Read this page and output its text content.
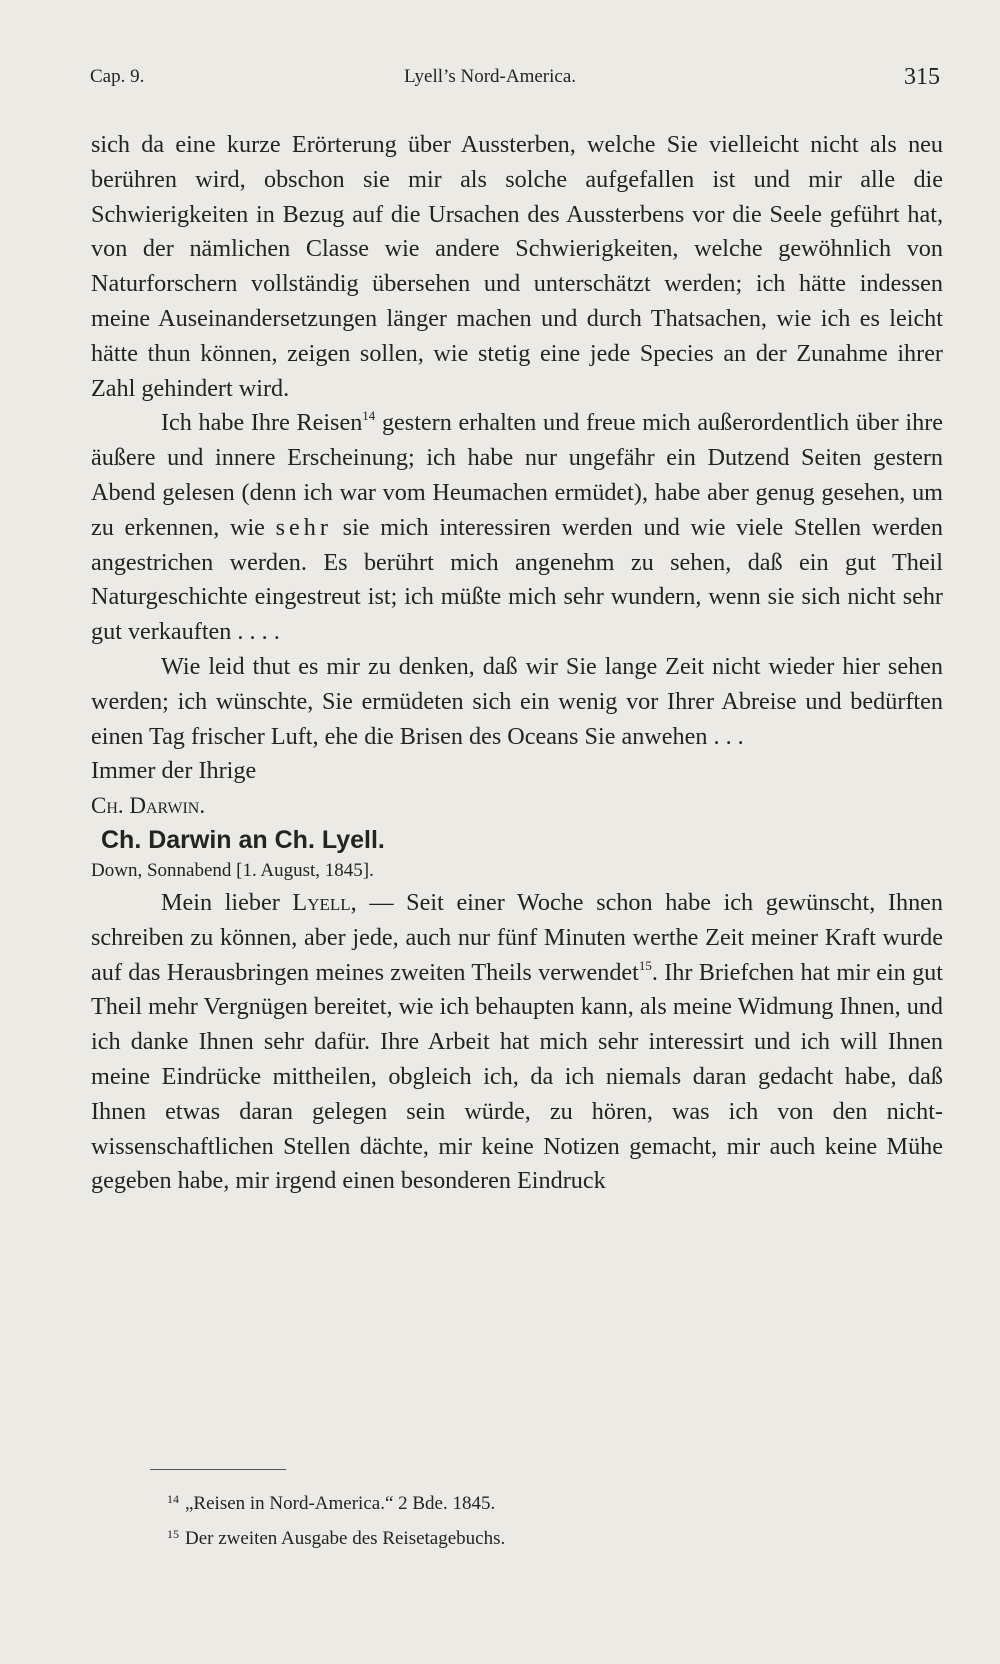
Cap. 9.	Lyell’s Nord-America.	315

sich da eine kurze Erörterung über Aussterben, welche Sie vielleicht nicht als neu berühren wird, obschon sie mir als solche aufgefallen ist und mir alle die Schwierigkeiten in Bezug auf die Ursachen des Aussterbens vor die Seele geführt hat, von der nämlichen Classe wie andere Schwierigkeiten, welche gewöhnlich von Naturforschern vollständig übersehen und unterschätzt werden; ich hätte indessen meine Auseinandersetzungen länger machen und durch Thatsachen, wie ich es leicht hätte thun können, zeigen sollen, wie stetig eine jede Species an der Zunahme ihrer Zahl gehindert wird.

Ich habe Ihre Reisen$^{14}$ gestern erhalten und freue mich außerordentlich über ihre äußere und innere Erscheinung; ich habe nur ungefähr ein Dutzend Seiten gestern Abend gelesen (denn ich war vom Heumachen ermüdet), habe aber genug gesehen, um zu erkennen, wie sehr sie mich interessiren werden und wie viele Stellen werden angestrichen werden. Es berührt mich angenehm zu sehen, daß ein gut Theil Naturgeschichte eingestreut ist; ich müßte mich sehr wundern, wenn sie sich nicht sehr gut verkauften . . . .

Wie leid thut es mir zu denken, daß wir Sie lange Zeit nicht wieder hier sehen werden; ich wünschte, Sie ermüdeten sich ein wenig vor Ihrer Abreise und bedürften einen Tag frischer Luft, ehe die Brisen des Oceans Sie anwehen . . .

Immer der Ihrige

Ch. Darwin.

Ch. Darwin an Ch. Lyell.

Down, Sonnabend [1. August, 1845].

Mein lieber Lyell, — Seit einer Woche schon habe ich gewünscht, Ihnen schreiben zu können, aber jede, auch nur fünf Minuten werthe Zeit meiner Kraft wurde auf das Herausbringen meines zweiten Theils verwendet$^{15}$. Ihr Briefchen hat mir ein gut Theil mehr Vergnügen bereitet, wie ich behaupten kann, als meine Widmung Ihnen, und ich danke Ihnen sehr dafür. Ihre Arbeit hat mich sehr interessirt und ich will Ihnen meine Eindrücke mittheilen, obgleich ich, da ich niemals daran gedacht habe, daß Ihnen etwas daran gelegen sein würde, zu hören, was ich von den nicht-wissenschaftlichen Stellen dächte, mir keine Notizen gemacht, mir auch keine Mühe gegeben habe, mir irgend einen besonderen Eindruck

$^{14}$ „Reisen in Nord-America.“ 2 Bde. 1845.
$^{15}$ Der zweiten Ausgabe des Reisetagebuchs.
